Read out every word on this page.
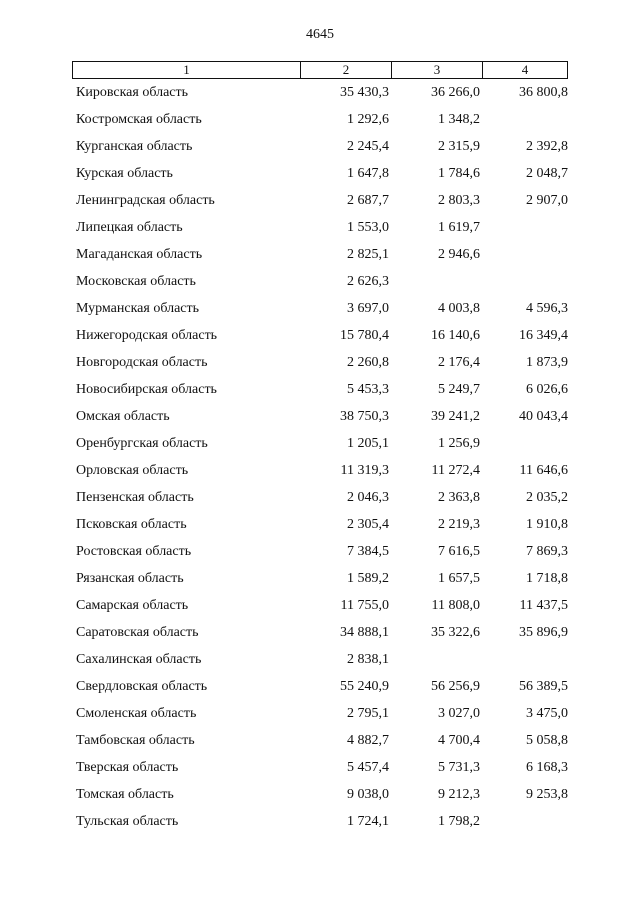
4645
1	2	3	4
Кировская область	35 430,3	36 266,0	36 800,8
Костромская область	1 292,6	1 348,2
Курганская область	2 245,4	2 315,9	2 392,8
Курская область	1 647,8	1 784,6	2 048,7
Ленинградская область	2 687,7	2 803,3	2 907,0
Липецкая область	1 553,0	1 619,7
Магаданская область	2 825,1	2 946,6
Московская область	2 626,3
Мурманская область	3 697,0	4 003,8	4 596,3
Нижегородская область	15 780,4	16 140,6	16 349,4
Новгородская область	2 260,8	2 176,4	1 873,9
Новосибирская область	5 453,3	5 249,7	6 026,6
Омская область	38 750,3	39 241,2	40 043,4
Оренбургская область	1 205,1	1 256,9
Орловская область	11 319,3	11 272,4	11 646,6
Пензенская область	2 046,3	2 363,8	2 035,2
Псковская область	2 305,4	2 219,3	1 910,8
Ростовская область	7 384,5	7 616,5	7 869,3
Рязанская область	1 589,2	1 657,5	1 718,8
Самарская область	11 755,0	11 808,0	11 437,5
Саратовская область	34 888,1	35 322,6	35 896,9
Сахалинская область	2 838,1
Свердловская область	55 240,9	56 256,9	56 389,5
Смоленская область	2 795,1	3 027,0	3 475,0
Тамбовская область	4 882,7	4 700,4	5 058,8
Тверская область	5 457,4	5 731,3	6 168,3
Томская область	9 038,0	9 212,3	9 253,8
Тульская область	1 724,1	1 798,2
